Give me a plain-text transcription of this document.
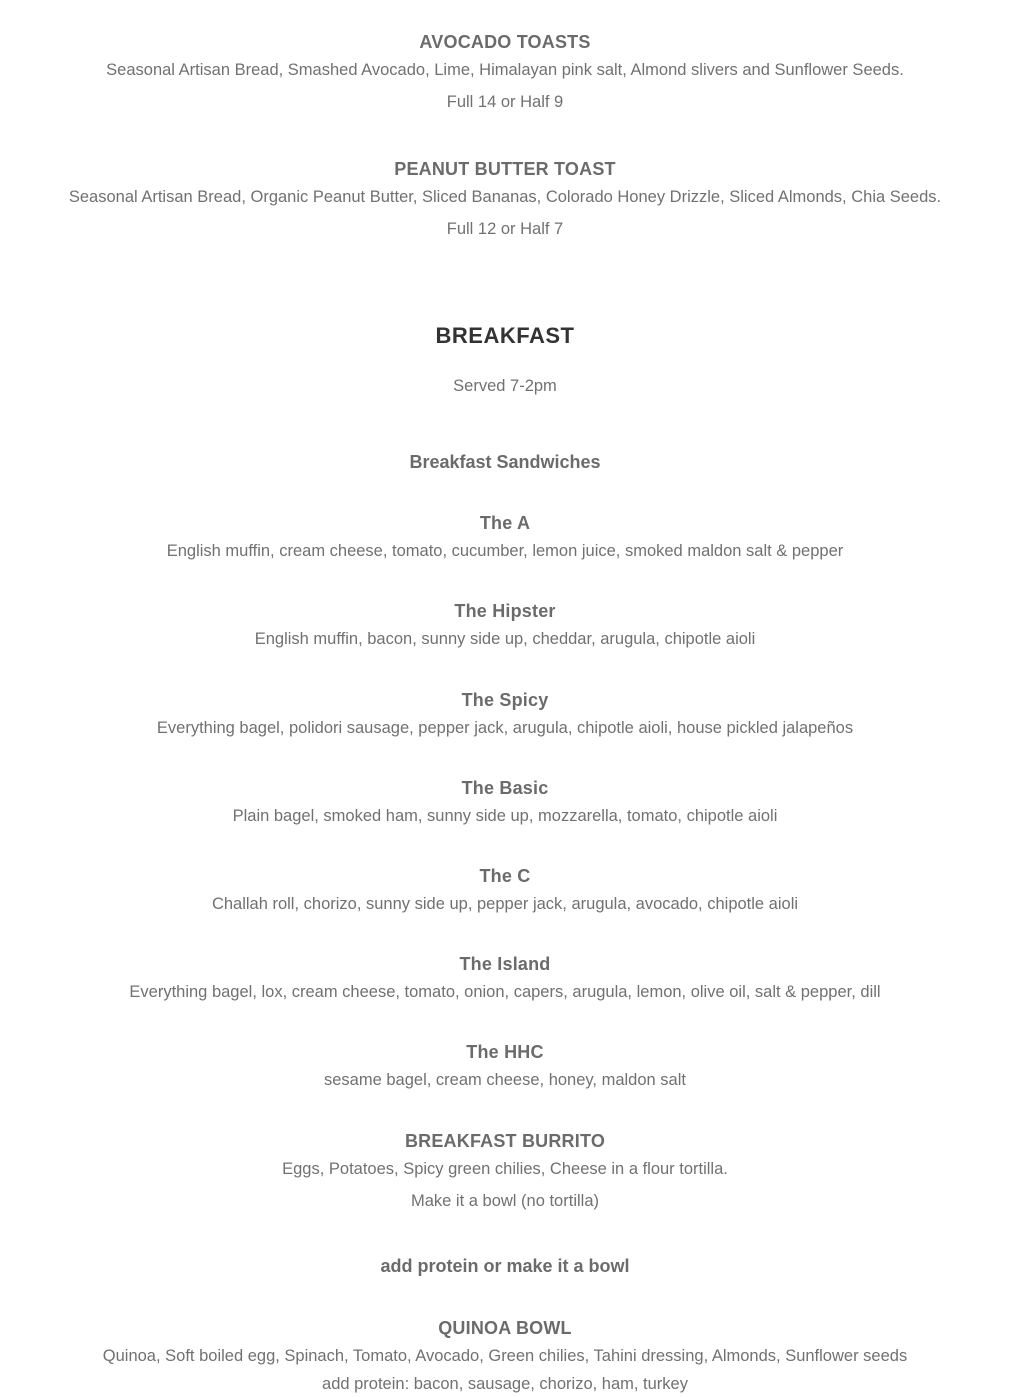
AVOCADO TOASTS

Seasonal Artisan Bread, Smashed Avocado, Lime, Himalayan pink salt, Almond slivers and Sunflower Seeds.

Full 14 or Half 9

PEANUT BUTTER TOAST

Seasonal Artisan Bread, Organic Peanut Butter, Sliced Bananas, Colorado Honey Drizzle, Sliced Almonds, Chia Seeds.

Full 12 or Half 7

BREAKFAST

Served 7-2pm

Breakfast Sandwiches

The A

English muffin, cream cheese, tomato, cucumber, lemon juice, smoked maldon salt & pepper

The Hipster

English muffin, bacon, sunny side up, cheddar, arugula, chipotle aioli

The Spicy

Everything bagel, polidori sausage, pepper jack, arugula, chipotle aioli, house pickled jalapeños

The Basic

Plain bagel, smoked ham, sunny side up, mozzarella, tomato, chipotle aioli

The C

Challah roll, chorizo, sunny side up, pepper jack, arugula, avocado, chipotle aioli

The Island

Everything bagel, lox, cream cheese, tomato, onion, capers, arugula, lemon, olive oil, salt & pepper, dill

The HHC

sesame bagel, cream cheese, honey, maldon salt

BREAKFAST BURRITO

Eggs, Potatoes, Spicy green chilies, Cheese in a flour tortilla.

Make it a bowl (no tortilla)

add protein or make it a bowl

QUINOA BOWL

Quinoa, Soft boiled egg, Spinach, Tomato, Avocado, Green chilies, Tahini dressing, Almonds, Sunflower seeds

add protein: bacon, sausage, chorizo, ham, turkey
